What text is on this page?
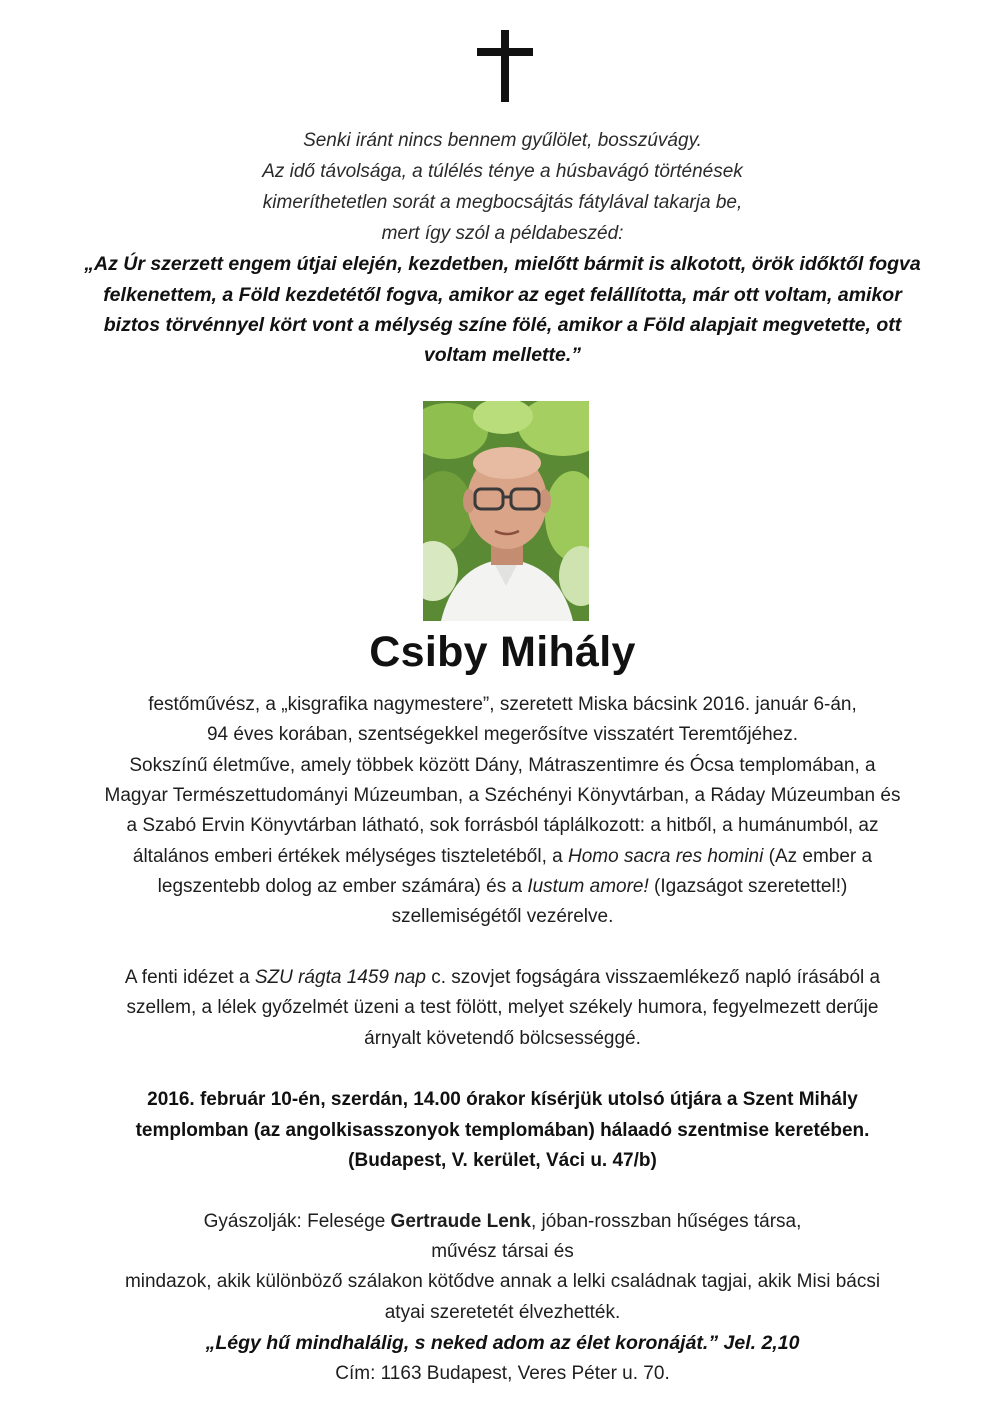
Senki iránt nincs bennem gyűlölet, bosszúvágy.
Az idő távolsága, a túlélés ténye a húsbavágó történések
kimeríthetetlen sorát a megbocsájtás fátylával takarja be,
mert így szól a példabeszéd:
„Az Úr szerzett engem útjai elején, kezdetben, mielőtt bármit is alkotott, örök időktől fogva
felkenettem, a Föld kezdetétől fogva, amikor az eget felállította, már ott voltam, amikor
biztos törvénnyel kört vont a mélység színe fölé, amikor a Föld alapjait megvetette, ott
voltam mellette.”
Csiby Mihály
festőművész, a „kisgrafika nagymestere”, szeretett Miska bácsink 2016. január 6-án,
94 éves korában, szentségekkel megerősítve visszatért Teremtőjéhez.
Sokszínű életműve, amely többek között Dány, Mátraszentimre és Ócsa templomában, a
Magyar Természettudományi Múzeumban, a Széchényi Könyvtárban, a Ráday Múzeumban és
a Szabó Ervin Könyvtárban látható, sok forrásból táplálkozott: a hitből, a humánumból, az
általános emberi értékek mélységes tiszteletéből, a Homo sacra res homini (Az ember a
legszentebb dolog az ember számára) és a Iustum amore! (Igazságot szeretettel!)
szellemiségétől vezérelve.
A fenti idézet a SZU rágta 1459 nap c. szovjet fogságára visszaemlékező napló írásából a
szellem, a lélek győzelmét üzeni a test fölött, melyet székely humora, fegyelmezett derűje
árnyalt követendő bölcsességgé.
2016. február 10-én, szerdán, 14.00 órakor kísérjük utolsó útjára a Szent Mihály
templomban (az angolkisasszonyok templomában) hálaadó szentmise keretében.
(Budapest, V. kerület, Váci u. 47/b)
Gyászolják: Felesége Gertraude Lenk, jóban-rosszban hűséges társa,
művész társai és
mindazok, akik különböző szálakon kötődve annak a lelki családnak tagjai, akik Misi bácsi
atyai szeretetét élvezhették.
„Légy hű mindhalálig, s neked adom az élet koronáját.” Jel. 2,10
Cím: 1163 Budapest, Veres Péter u. 70.
